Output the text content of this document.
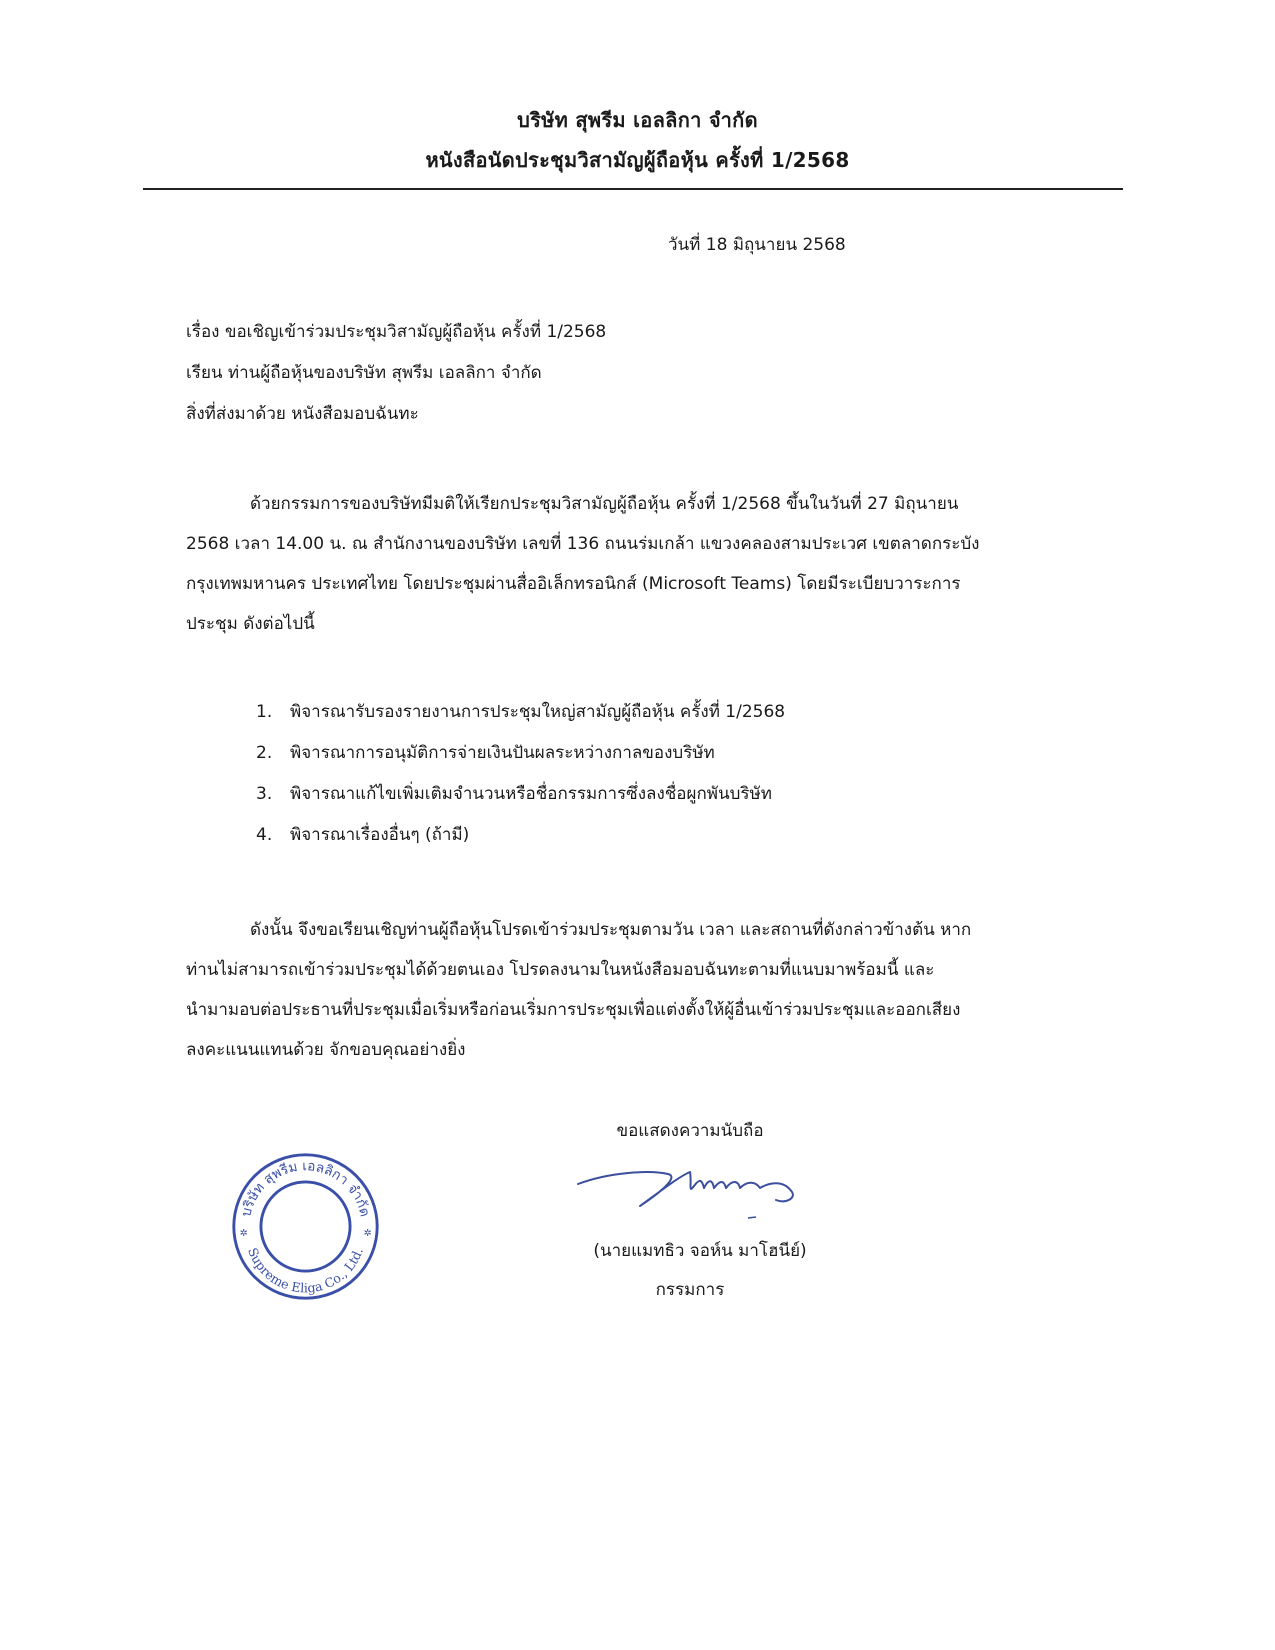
บริษัท สุพรีม เอลลิกา จำกัด
หนังสือนัดประชุมวิสามัญผู้ถือหุ้น ครั้งที่ 1/2568
วันที่ 18 มิถุนายน 2568
เรื่อง ขอเชิญเข้าร่วมประชุมวิสามัญผู้ถือหุ้น ครั้งที่ 1/2568
เรียน ท่านผู้ถือหุ้นของบริษัท สุพรีม เอลลิกา จำกัด
สิ่งที่ส่งมาด้วย หนังสือมอบฉันทะ
ด้วยกรรมการของบริษัทมีมติให้เรียกประชุมวิสามัญผู้ถือหุ้น ครั้งที่ 1/2568 ขึ้นในวันที่ 27 มิถุนายน
2568 เวลา 14.00 น. ณ สำนักงานของบริษัท เลขที่ 136 ถนนร่มเกล้า แขวงคลองสามประเวศ เขตลาดกระบัง
กรุงเทพมหานคร ประเทศไทย โดยประชุมผ่านสื่ออิเล็กทรอนิกส์ (Microsoft Teams) โดยมีระเบียบวาระการ
ประชุม ดังต่อไปนี้
1. พิจารณารับรองรายงานการประชุมใหญ่สามัญผู้ถือหุ้น ครั้งที่ 1/2568
2. พิจารณาการอนุมัติการจ่ายเงินปันผลระหว่างกาลของบริษัท
3. พิจารณาแก้ไขเพิ่มเติมจำนวนหรือชื่อกรรมการซึ่งลงชื่อผูกพันบริษัท
4. พิจารณาเรื่องอื่นๆ (ถ้ามี)
ดังนั้น จึงขอเรียนเชิญท่านผู้ถือหุ้นโปรดเข้าร่วมประชุมตามวัน เวลา และสถานที่ดังกล่าวข้างต้น หาก
ท่านไม่สามารถเข้าร่วมประชุมได้ด้วยตนเอง โปรดลงนามในหนังสือมอบฉันทะตามที่แนบมาพร้อมนี้ และ
นำมามอบต่อประธานที่ประชุมเมื่อเริ่มหรือก่อนเริ่มการประชุมเพื่อแต่งตั้งให้ผู้อื่นเข้าร่วมประชุมและออกเสียง
ลงคะแนนแทนด้วย จักขอบคุณอย่างยิ่ง
ขอแสดงความนับถือ
(นายแมทธิว จอห์น มาโฮนีย์)
กรรมการ
บริษัท สุพรีม เอลลิกา จำกัด
Supreme Eliga Co., Ltd.
✲	✲
